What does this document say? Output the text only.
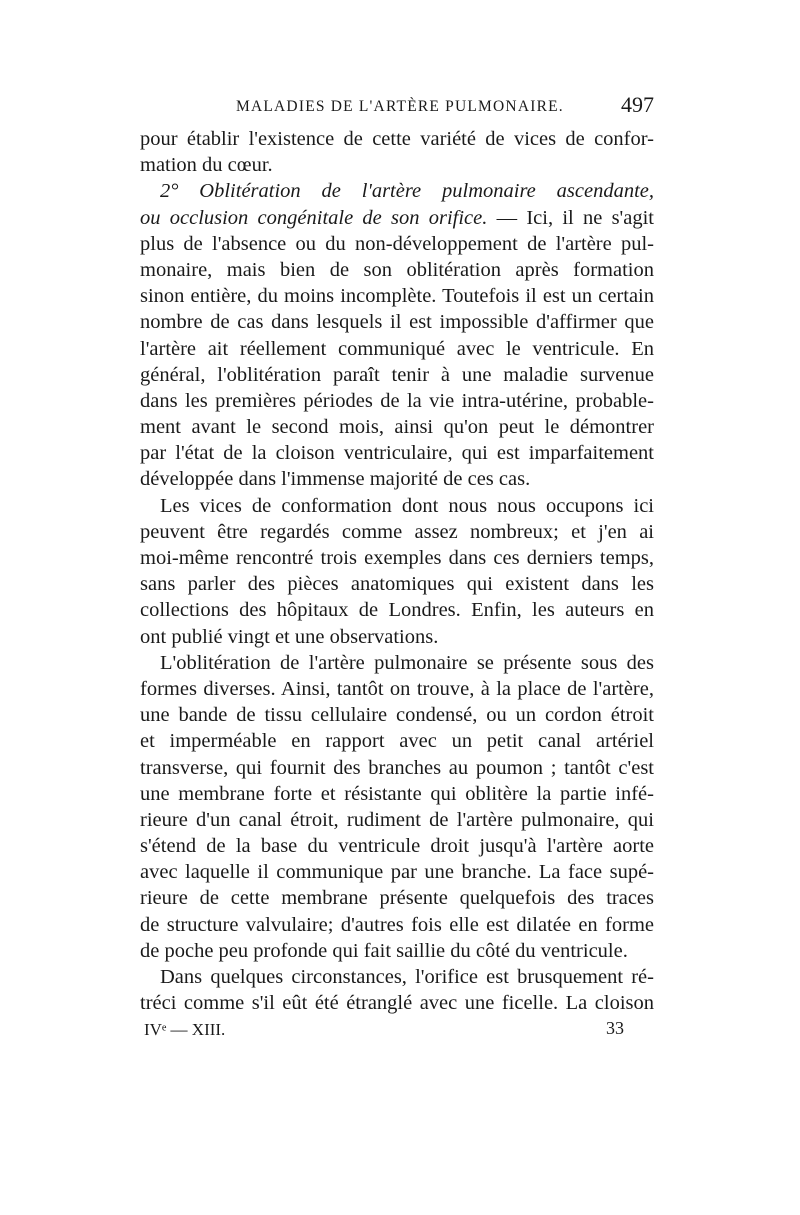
MALADIES DE L'ARTÈRE PULMONAIRE.	497
pour établir l'existence de cette variété de vices de confor-
mation du cœur.
2° Oblitération de l'artère pulmonaire ascendante,
ou occlusion congénitale de son orifice. — Ici, il ne s'agit
plus de l'absence ou du non-développement de l'artère pul-
monaire, mais bien de son oblitération après formation
sinon entière, du moins incomplète. Toutefois il est un certain
nombre de cas dans lesquels il est impossible d'affirmer que
l'artère ait réellement communiqué avec le ventricule. En
général, l'oblitération paraît tenir à une maladie survenue
dans les premières périodes de la vie intra-utérine, probable-
ment avant le second mois, ainsi qu'on peut le démontrer
par l'état de la cloison ventriculaire, qui est imparfaitement
développée dans l'immense majorité de ces cas.
Les vices de conformation dont nous nous occupons ici
peuvent être regardés comme assez nombreux; et j'en ai
moi-même rencontré trois exemples dans ces derniers temps,
sans parler des pièces anatomiques qui existent dans les
collections des hôpitaux de Londres. Enfin, les auteurs en
ont publié vingt et une observations.
L'oblitération de l'artère pulmonaire se présente sous des
formes diverses. Ainsi, tantôt on trouve, à la place de l'artère,
une bande de tissu cellulaire condensé, ou un cordon étroit
et imperméable en rapport avec un petit canal artériel
transverse, qui fournit des branches au poumon ; tantôt c'est
une membrane forte et résistante qui oblitère la partie infé-
rieure d'un canal étroit, rudiment de l'artère pulmonaire, qui
s'étend de la base du ventricule droit jusqu'à l'artère aorte
avec laquelle il communique par une branche. La face supé-
rieure de cette membrane présente quelquefois des traces
de structure valvulaire; d'autres fois elle est dilatée en forme
de poche peu profonde qui fait saillie du côté du ventricule.
Dans quelques circonstances, l'orifice est brusquement ré-
tréci comme s'il eût été étranglé avec une ficelle. La cloison
IVᵉ — XIII.	33
